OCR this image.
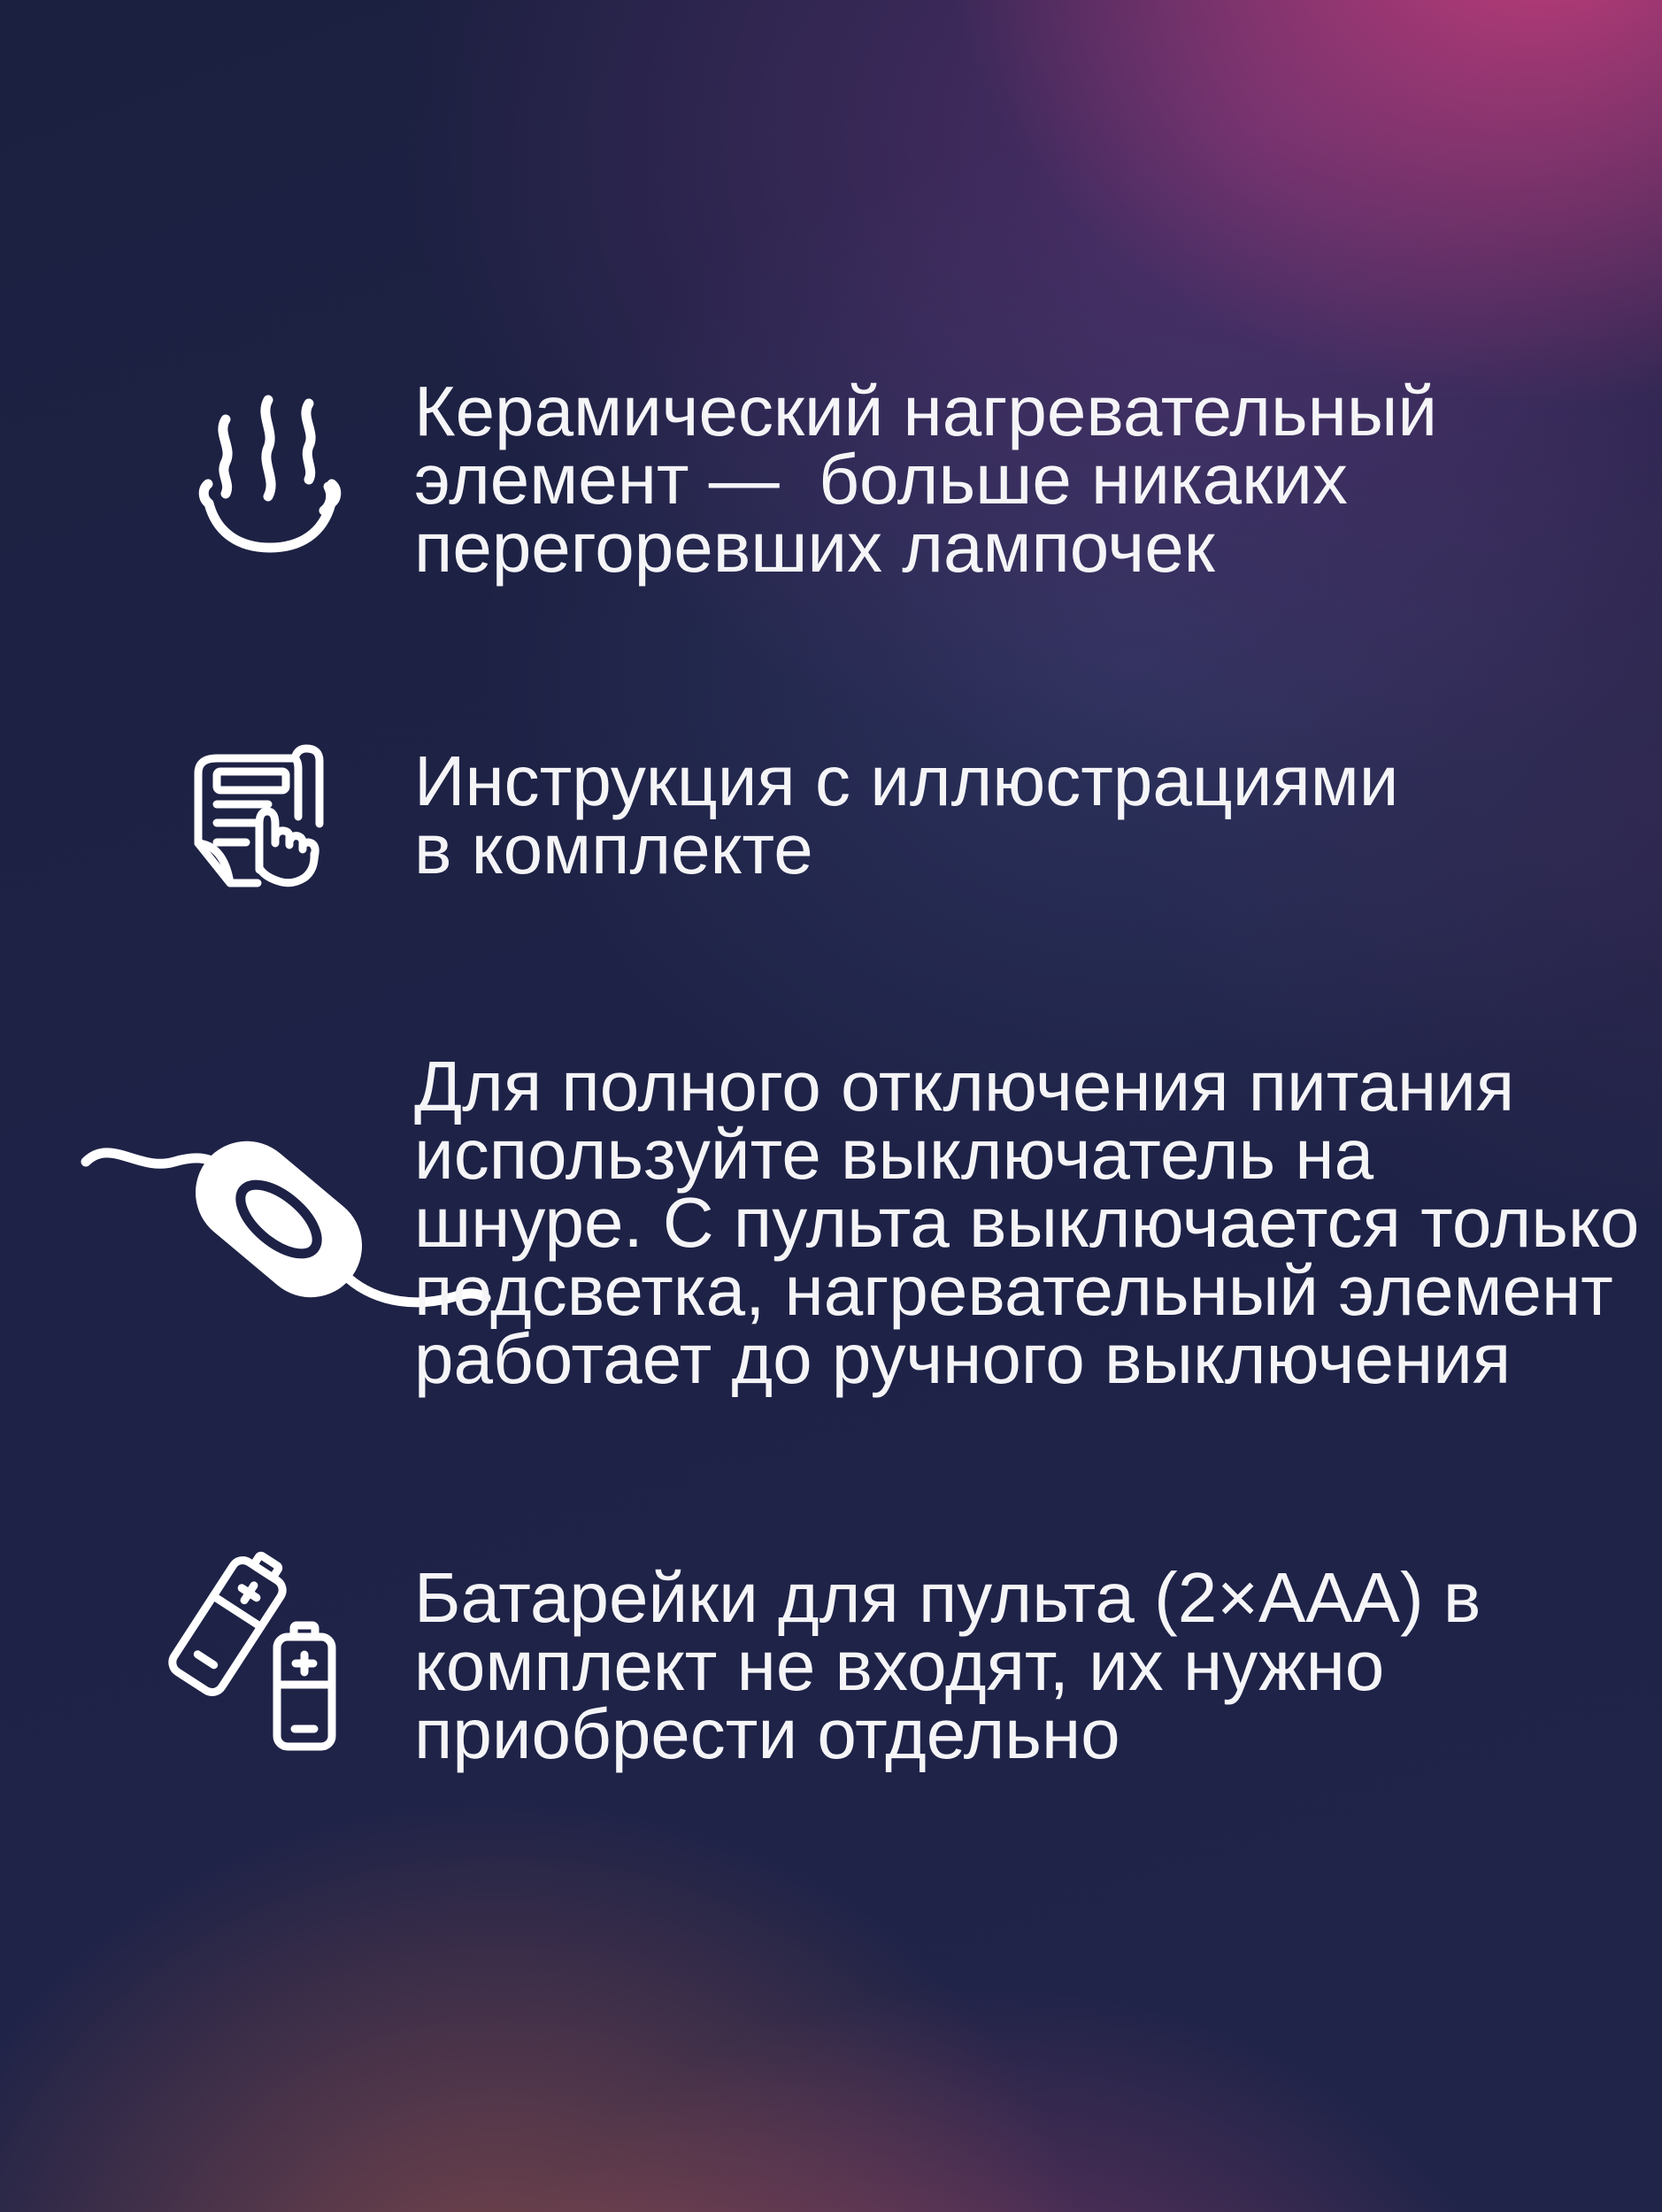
Керамический нагревательный
элемент —  больше никаких
перегоревших лампочек
Инструкция с иллюстрациями
в комплекте
Для полного отключения питания
используйте выключатель на
шнуре. С пульта выключается только
подсветка, нагревательный элемент
работает до ручного выключения
Батарейки для пульта (2×AAA) в
комплект не входят, их нужно
приобрести отдельно
